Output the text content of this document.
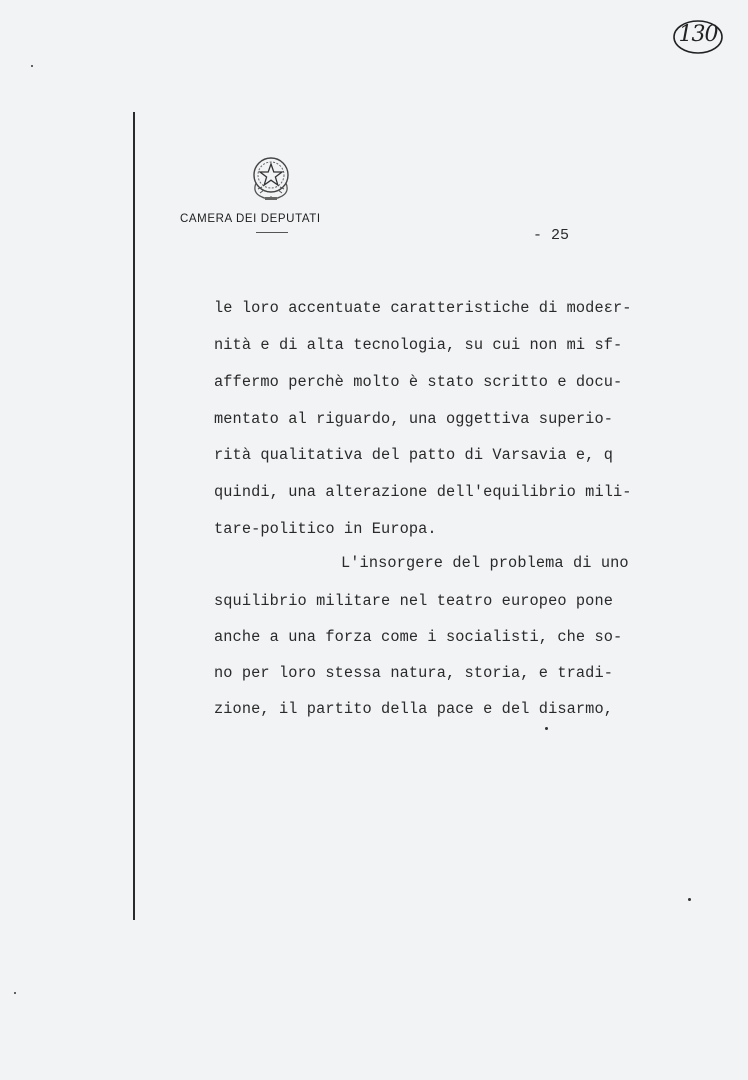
130
CAMERA DEI DEPUTATI
- 25
le loro accentuate caratteristiche di modeεr-
nità e di alta tecnologia, su cui non mi sf-
affermo perchè molto è stato scritto e docu-
mentato al riguardo, una oggettiva superio-
rità qualitativa del patto di Varsavia e, q
quindi, una alterazione dell'equilibrio mili-
tare-politico in Europa.
L'insorgere del problema di uno
squilibrio militare nel teatro europeo pone
anche a una forza come i socialisti, che so-
no per loro stessa natura, storia, e tradi-
zione, il partito della pace e del disarmo,
